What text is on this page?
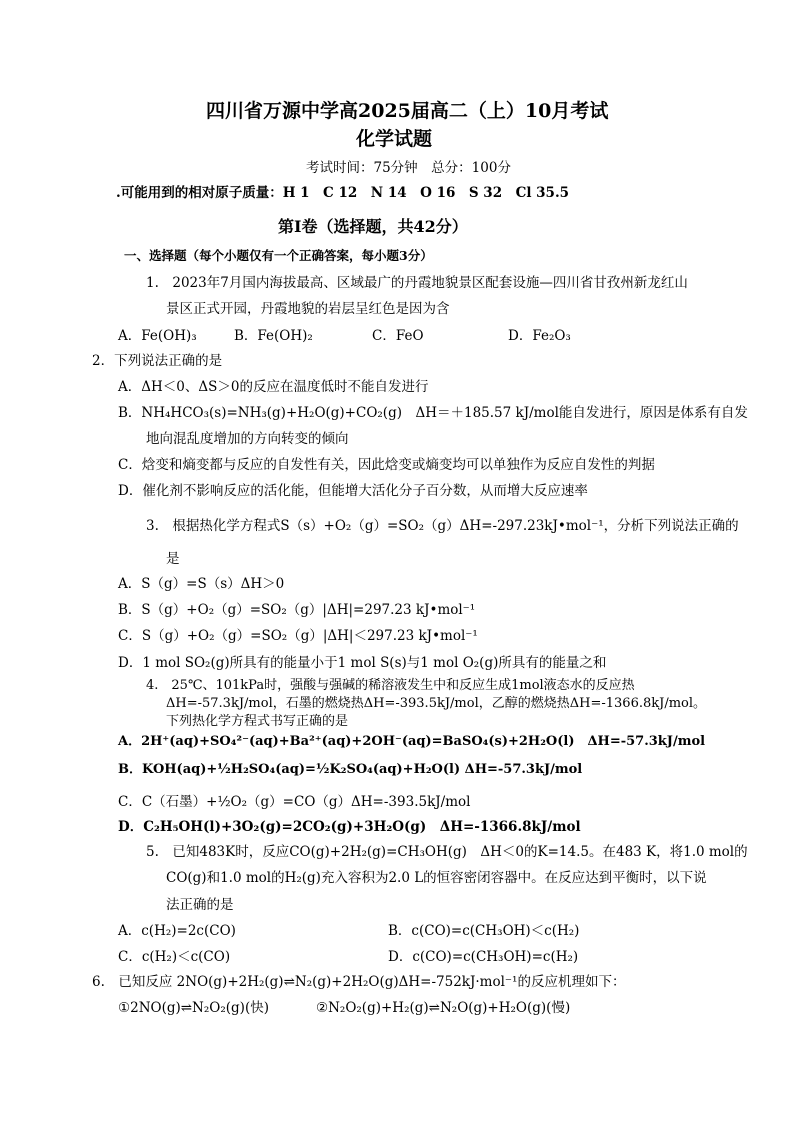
四川省万源中学高2025届高二（上）10月考试
化学试题
考试时间：75分钟　总分：100分
.可能用到的相对原子质量：H 1　C 12　N 14　O 16　S 32　Cl 35.5
第Ⅰ卷（选择题，共42分）
一、选择题（每个小题仅有一个正确答案，每小题3分）
1.　2023年7月国内海拔最高、区域最广的丹霞地貌景区配套设施—四川省甘孜州新龙红山
景区正式开园，丹霞地貌的岩层呈红色是因为含
A．Fe(OH)₃	B．Fe(OH)₂	C．FeO	D．Fe₂O₃
2．下列说法正确的是
A．ΔH＜0、ΔS＞0的反应在温度低时不能自发进行
B．NH₄HCO₃(s)=NH₃(g)+H₂O(g)+CO₂(g)　ΔH＝＋185.57 kJ/mol能自发进行，原因是体系有自发
地向混乱度增加的方向转变的倾向
C．焓变和熵变都与反应的自发性有关，因此焓变或熵变均可以单独作为反应自发性的判据
D．催化剂不影响反应的活化能，但能增大活化分子百分数，从而增大反应速率
3.　根据热化学方程式S（s）+O₂（g）=SO₂（g）ΔH=-297.23kJ•mol⁻¹，分析下列说法正确的
是
A．S（g）=S（s）ΔH＞0
B．S（g）+O₂（g）=SO₂（g）|ΔH|=297.23 kJ•mol⁻¹
C．S（g）+O₂（g）=SO₂（g）|ΔH|＜297.23 kJ•mol⁻¹
D．1 mol SO₂(g)所具有的能量小于1 mol S(s)与1 mol O₂(g)所具有的能量之和
4.　25℃、101kPa时，强酸与强碱的稀溶液发生中和反应生成1mol液态水的反应热
ΔH=-57.3kJ/mol，石墨的燃烧热ΔH=-393.5kJ/mol，乙醇的燃烧热ΔH=-1366.8kJ/mol。
下列热化学方程式书写正确的是
A．2H⁺(aq)+SO₄²⁻(aq)+Ba²⁺(aq)+2OH⁻(aq)=BaSO₄(s)+2H₂O(l)　ΔH=-57.3kJ/mol
B．KOH(aq)+½H₂SO₄(aq)=½K₂SO₄(aq)+H₂O(l) ΔH=-57.3kJ/mol
C．C（石墨）+½O₂（g）=CO（g）ΔH=-393.5kJ/mol
D．C₂H₅OH(l)+3O₂(g)=2CO₂(g)+3H₂O(g)　ΔH=-1366.8kJ/mol
5.　已知483K时，反应CO(g)+2H₂(g)=CH₃OH(g)　ΔH＜0的K=14.5。在483 K，将1.0 mol的
CO(g)和1.0 mol的H₂(g)充入容积为2.0 L的恒容密闭容器中。在反应达到平衡时，以下说
法正确的是
A．c(H₂)=2c(CO)	B．c(CO)=c(CH₃OH)＜c(H₂)
C．c(H₂)＜c(CO)	D．c(CO)=c(CH₃OH)=c(H₂)
6.　已知反应 2NO(g)+2H₂(g)⇌N₂(g)+2H₂O(g)ΔH=-752kJ·mol⁻¹的反应机理如下：
①2NO(g)⇌N₂O₂(g)(快)	②N₂O₂(g)+H₂(g)⇌N₂O(g)+H₂O(g)(慢)
